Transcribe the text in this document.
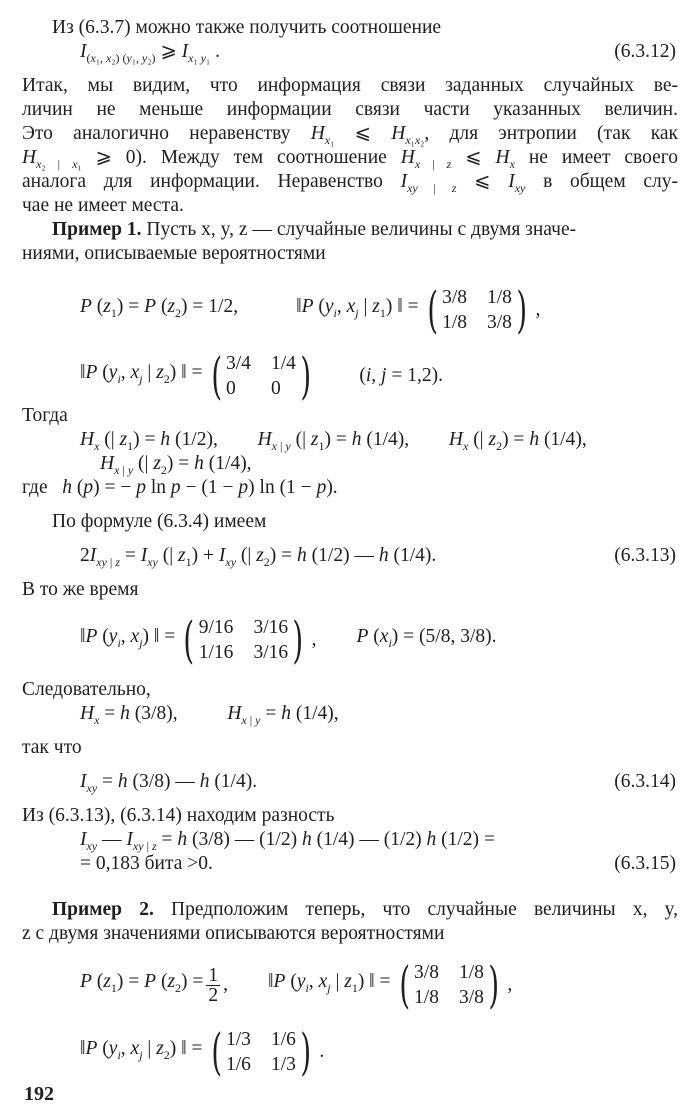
Из (6.3.7) можно также получить соотношение
$I_{(x_1, x_2) (y_1, y_2)}$ ⩾ $I_{x_1 y_1}$ .	(6.3.12)
Итак, мы видим, что информация связи заданных случайных ве-
личин не меньше информации связи части указанных величин.
Это аналогично неравенству $H_{x_1}$ ⩽ $H_{x_1x_2}$, для энтропии (так как
$H_{x_2 | x_1}$ ⩾ 0). Между тем соотношение $H_{x | z}$ ⩽ $H_x$ не имеет своего
аналога для информации. Неравенство $I_{xy | z}$ ⩽ $I_{xy}$ в общем слу-
чае не имеет места.
Пример 1. Пусть x, y, z — случайные величины с двумя значе-
ниями, описываемые вероятностями
P $(z_1) = P$ $(z_2) = 1/2$,	‖P ($y_i$, $x_j$ | $z_1$) ‖ = ( 3/8 1/8
1/8 3/8 ) ,
‖P ($y_i$, $x_j$ | $z_2$) ‖ = ( 3/4 1/4
0	0 ) (i, j = 1,2).
Тогда
$H_x$ (| $z_1) = h$ (1/2),  $H_{x | y}$ (| $z_1) = h$ (1/4),  $H_x$ (| $z_2) = h$ (1/4),
$H_{x | y}$ (| $z_2) = h$ (1/4),
где h (p) = − p ln p − (1 − p) ln (1 − p).
По формуле (6.3.4) имеем
$2I_{xy | z} = I_{xy}$ (| $z_1) + I_{xy}$ (| $z_2) = h$ (1/2) — h (1/4).	(6.3.13)
В то же время
‖P ($y_i$, $x_j$) ‖ = ( 9/16 3/16
1/16 3/16 ) , P $(x_i) = (5/8$, 3/8).
Следовательно,
$H_x = h$ (3/8),  $H_{x | y} = h$ (1/4),
так что
$I_{xy} = h$ (3/8) — h (1/4).	(6.3.14)
Из (6.3.13), (6.3.14) находим разность
$I_{xy}$ — $I_{xy | z} = h$ (3/8) — (1/2) h (1/4) — (1/2) h (1/2) =
= 0,183 бита >0.	(6.3.15)
Пример 2. Предположим теперь, что случайные величины x, y,
z с двумя значениями описываются вероятностями
P $(z_1) = P$ $(z_2) = \frac{1}{2}$ , ‖P ($y_i$, $x_j$ | $z_1$) ‖ = ( 3/8 1/8
1/8 3/8 ) ,
‖P ($y_i$, $x_j$ | $z_2$) ‖ = ( 1/3 1/6
1/6 1/3 ) .
192
